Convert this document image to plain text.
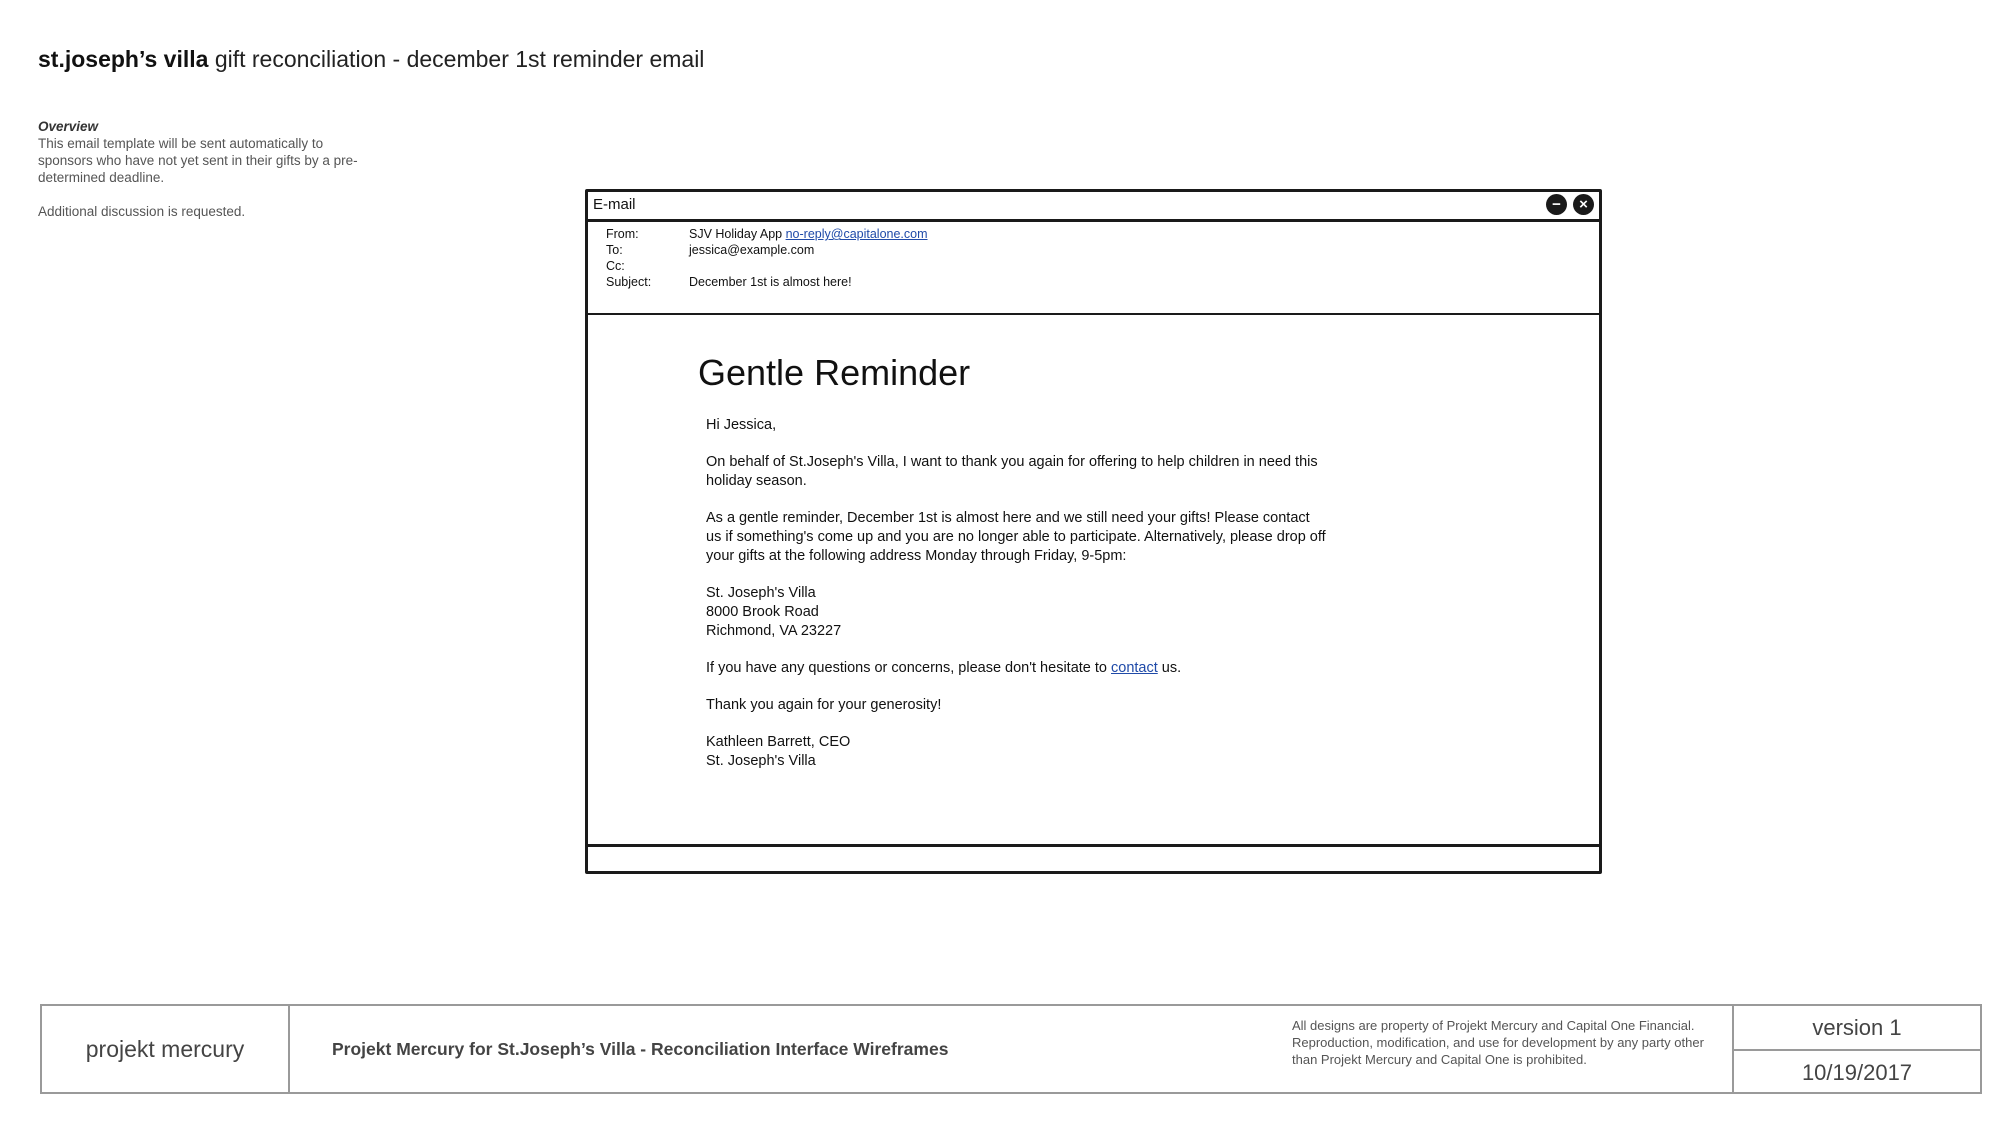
st.joseph’s villa gift reconciliation - december 1st reminder email
Overview

This email template will be sent automatically to sponsors who have not yet sent in their gifts by a pre-determined deadline.

Additional discussion is requested.	E-mail	−	×
From:	SJV Holiday App no-reply@capitalone.com
To:	jessica@example.com
Cc:
Subject:	December 1st is almost here!
Gentle Reminder

Hi Jessica,

On behalf of St.Joseph's Villa, I want to thank you again for offering to help children in need this holiday season.

As a gentle reminder, December 1st is almost here and we still need your gifts! Please contact us if something's come up and you are no longer able to participate. Alternatively, please drop off your gifts at the following address Monday through Friday, 9-5pm:

St. Joseph's Villa
8000 Brook Road
Richmond, VA 23227

If you have any questions or concerns, please don't hesitate to contact us.

Thank you again for your generosity!

Kathleen Barrett, CEO
St. Joseph's Villa

projekt mercury	Projekt Mercury for St.Joseph’s Villa - Reconciliation Interface Wireframes
All designs are property of Projekt Mercury and Capital One Financial. Reproduction, modification, and use for development by any party other than Projekt Mercury and Capital One is prohibited.
version 1
10/19/2017
